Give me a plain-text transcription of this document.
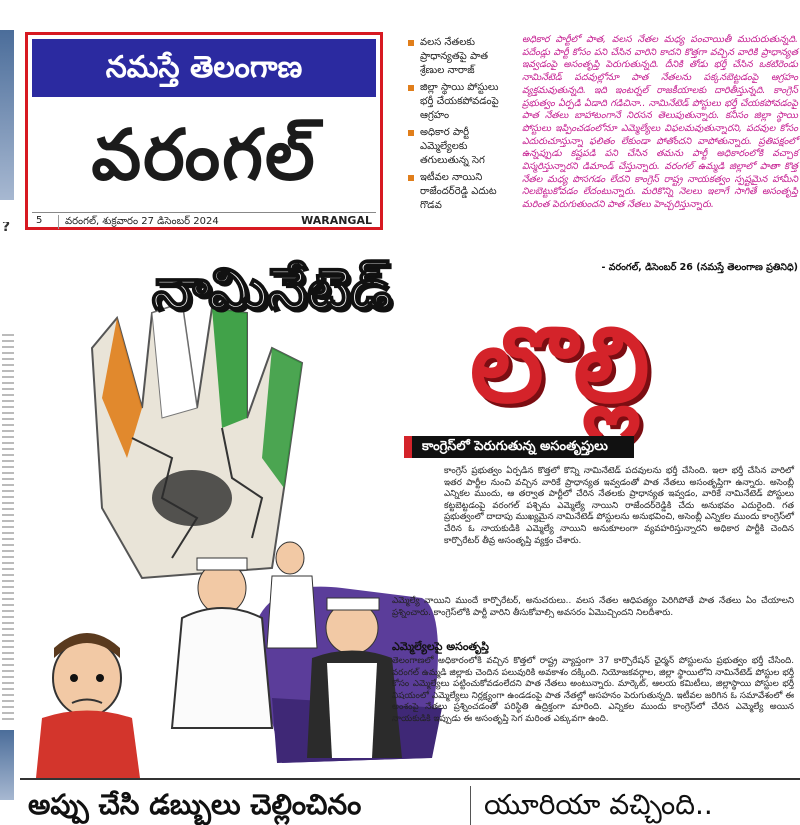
?
నమస్తే తెలంగాణ
వరంగల్
5	వరంగల్, శుక్రవారం 27 డిసెంబర్ 2024	WARANGAL
వలస నేతలకు ప్రాధాన్యతపై పాత శ్రేణుల నారాజ్
జిల్లా స్థాయి పోస్టులు భర్తీ చేయకపోవడంపై ఆగ్రహం
అధికార పార్టీ ఎమ్మెల్యేలకు తగులుతున్న సెగ
ఇటీవల నాయిని రాజేందర్‌రెడ్డి ఎదుట గొడవ
అధికార పార్టీలో పాత, వలస నేతల మధ్య పంచాయితీ ముదురుతున్నది. పదేండ్లు పార్టీ కోసం పని చేసిన వారిని కాదని కొత్తగా వచ్చిన వారికి ప్రాధాన్యత ఇవ్వడంపై అసంతృప్తి పెరుగుతున్నది. దీనికి తోడు భర్తీ చేసిన ఒకటిరెండు నామినేటెడ్ పదవుల్లోనూ పాత నేతలను పక్కనబెట్టడంపై ఆగ్రహం వ్యక్తమవుతున్నది. ఇది ఇంటర్నల్ రాజకీయాలకు దారితీస్తున్నది. కాంగ్రెస్ ప్రభుత్వం ఏర్పడి ఏడాది గడిచినా.. నామినేటెడ్ పోస్టులు భర్తీ చేయకపోవడంపై పాత నేతలు బాహాటంగానే నిరసన తెలుపుతున్నారు. కనీసం జిల్లా స్థాయి పోస్టులు ఇప్పించడంలోనూ ఎమ్మెల్యేలు విఫలమవుతున్నారని, పదవుల కోసం ఎదురుచూస్తున్నా ఫలితం లేకుండా పోతోందని వాపోతున్నారు. ప్రతిపక్షంలో ఉన్నప్పుడు కష్టపడి పని చేసిన తమను పార్టీ అధికారంలోకి వచ్చాక విస్మరిస్తున్నారని డిమాండ్ చేస్తున్నారు. వరంగల్ ఉమ్మడి జిల్లాలో పాతా కొత్త నేతల మధ్య పొసగడం లేదని కాంగ్రెస్ రాష్ట్ర నాయకత్వం స్పష్టమైన హామీని నిలబెట్టుకోవడం లేదంటున్నారు. మరికొన్ని నెలలు ఇలాగే సాగితే అసంతృప్తి మరింత పెరుగుతుందని పాత నేతలు హెచ్చరిస్తున్నారు.
- వరంగల్, డిసెంబర్ 26 (నమస్తే తెలంగాణ ప్రతినిధి)
నామినేటెడ్
లొల్లి
కాంగ్రెస్‌లో పెరుగుతున్న అసంతృప్తులు
కాంగ్రెస్ ప్రభుత్వం ఏర్పడిన కొత్తలో కొన్ని నామినేటెడ్ పదవులను భర్తీ చేసింది. ఇలా భర్తీ చేసిన వారిలో ఇతర పార్టీల నుంచి వచ్చిన వారికే ప్రాధాన్యత ఇవ్వడంతో పాత నేతలు అసంతృప్తిగా ఉన్నారు. అసెంబ్లీ ఎన్నికల ముందు, ఆ తర్వాత పార్టీలో చేరిన నేతలకు ప్రాధాన్యత ఇవ్వడం, వారికే నామినేటెడ్ పోస్టులు కట్టబెట్టడంపై వరంగల్ పశ్చిమ ఎమ్మెల్యే నాయిని రాజేందర్‌రెడ్డికి చేదు అనుభవం ఎదురైంది. గత ప్రభుత్వంలో దాదాపు ముఖ్యమైన నామినేటెడ్ పోస్టులను అనుభవించి, అసెంబ్లీ ఎన్నికల ముందు కాంగ్రెస్‌లో చేరిన ఓ నాయకుడికి ఎమ్మెల్యే నాయిని అనుకూలంగా వ్యవహరిస్తున్నారని అధికార పార్టీకి చెందిన కార్పొరేటర్ తీవ్ర అసంతృప్తి వ్యక్తం చేశారు.
ఎమ్మెల్యే నాయిని ముందే కార్పొరేటర్, అనుచరులు.. వలస నేతల ఆధిపత్యం పెరిగిపోతే పాత నేతలు ఏం చేయాలని ప్రశ్నించారు. కాంగ్రెస్‌లోకి పార్టీ వారిని తీసుకోవాల్సి అవసరం ఏమొచ్చిందని నిలదీశారు.
ఎమ్మెల్యేలపై అసంతృప్తి
తెలంగాణలో అధికారంలోకి వచ్చిన కొత్తలో రాష్ట్ర వ్యాప్తంగా 37 కార్పొరేషన్ ఛైర్మన్ పోస్టులను ప్రభుత్వం భర్తీ చేసింది. వరంగల్ ఉమ్మడి జిల్లాకు చెందిన పలువురికి అవకాశం దక్కింది. నియోజకవర్గాల, జిల్లా స్థాయిలోని నామినేటెడ్ పోస్టుల భర్తీ కోసం ఎమ్మెల్యేలు పట్టించుకోవడంలేదని పాత నేతలు అంటున్నారు. మార్కెట్, ఆలయ కమిటీలు, జిల్లాస్థాయి పోస్టుల భర్తీ విషయంలో ఎమ్మెల్యేలు నిర్లక్ష్యంగా ఉండడంపై పాత నేతల్లో అసహనం పెరుగుతున్నది. ఇటీవల జరిగిన ఓ సమావేశంలో ఈ అంశంపై నేతలు ప్రశ్నించడంతో పరిస్థితి ఉద్రిక్తంగా మారింది. ఎన్నికల ముందు కాంగ్రెస్‌లో చేరిన ఎమ్మెల్యే అయిన నాయకుడికి ఇప్పుడు ఈ అసంతృప్తి సెగ మరింత ఎక్కువగా ఉంది.
అప్పు చేసి డబ్బులు చెల్లించినం	యూరియా వచ్చింది..
